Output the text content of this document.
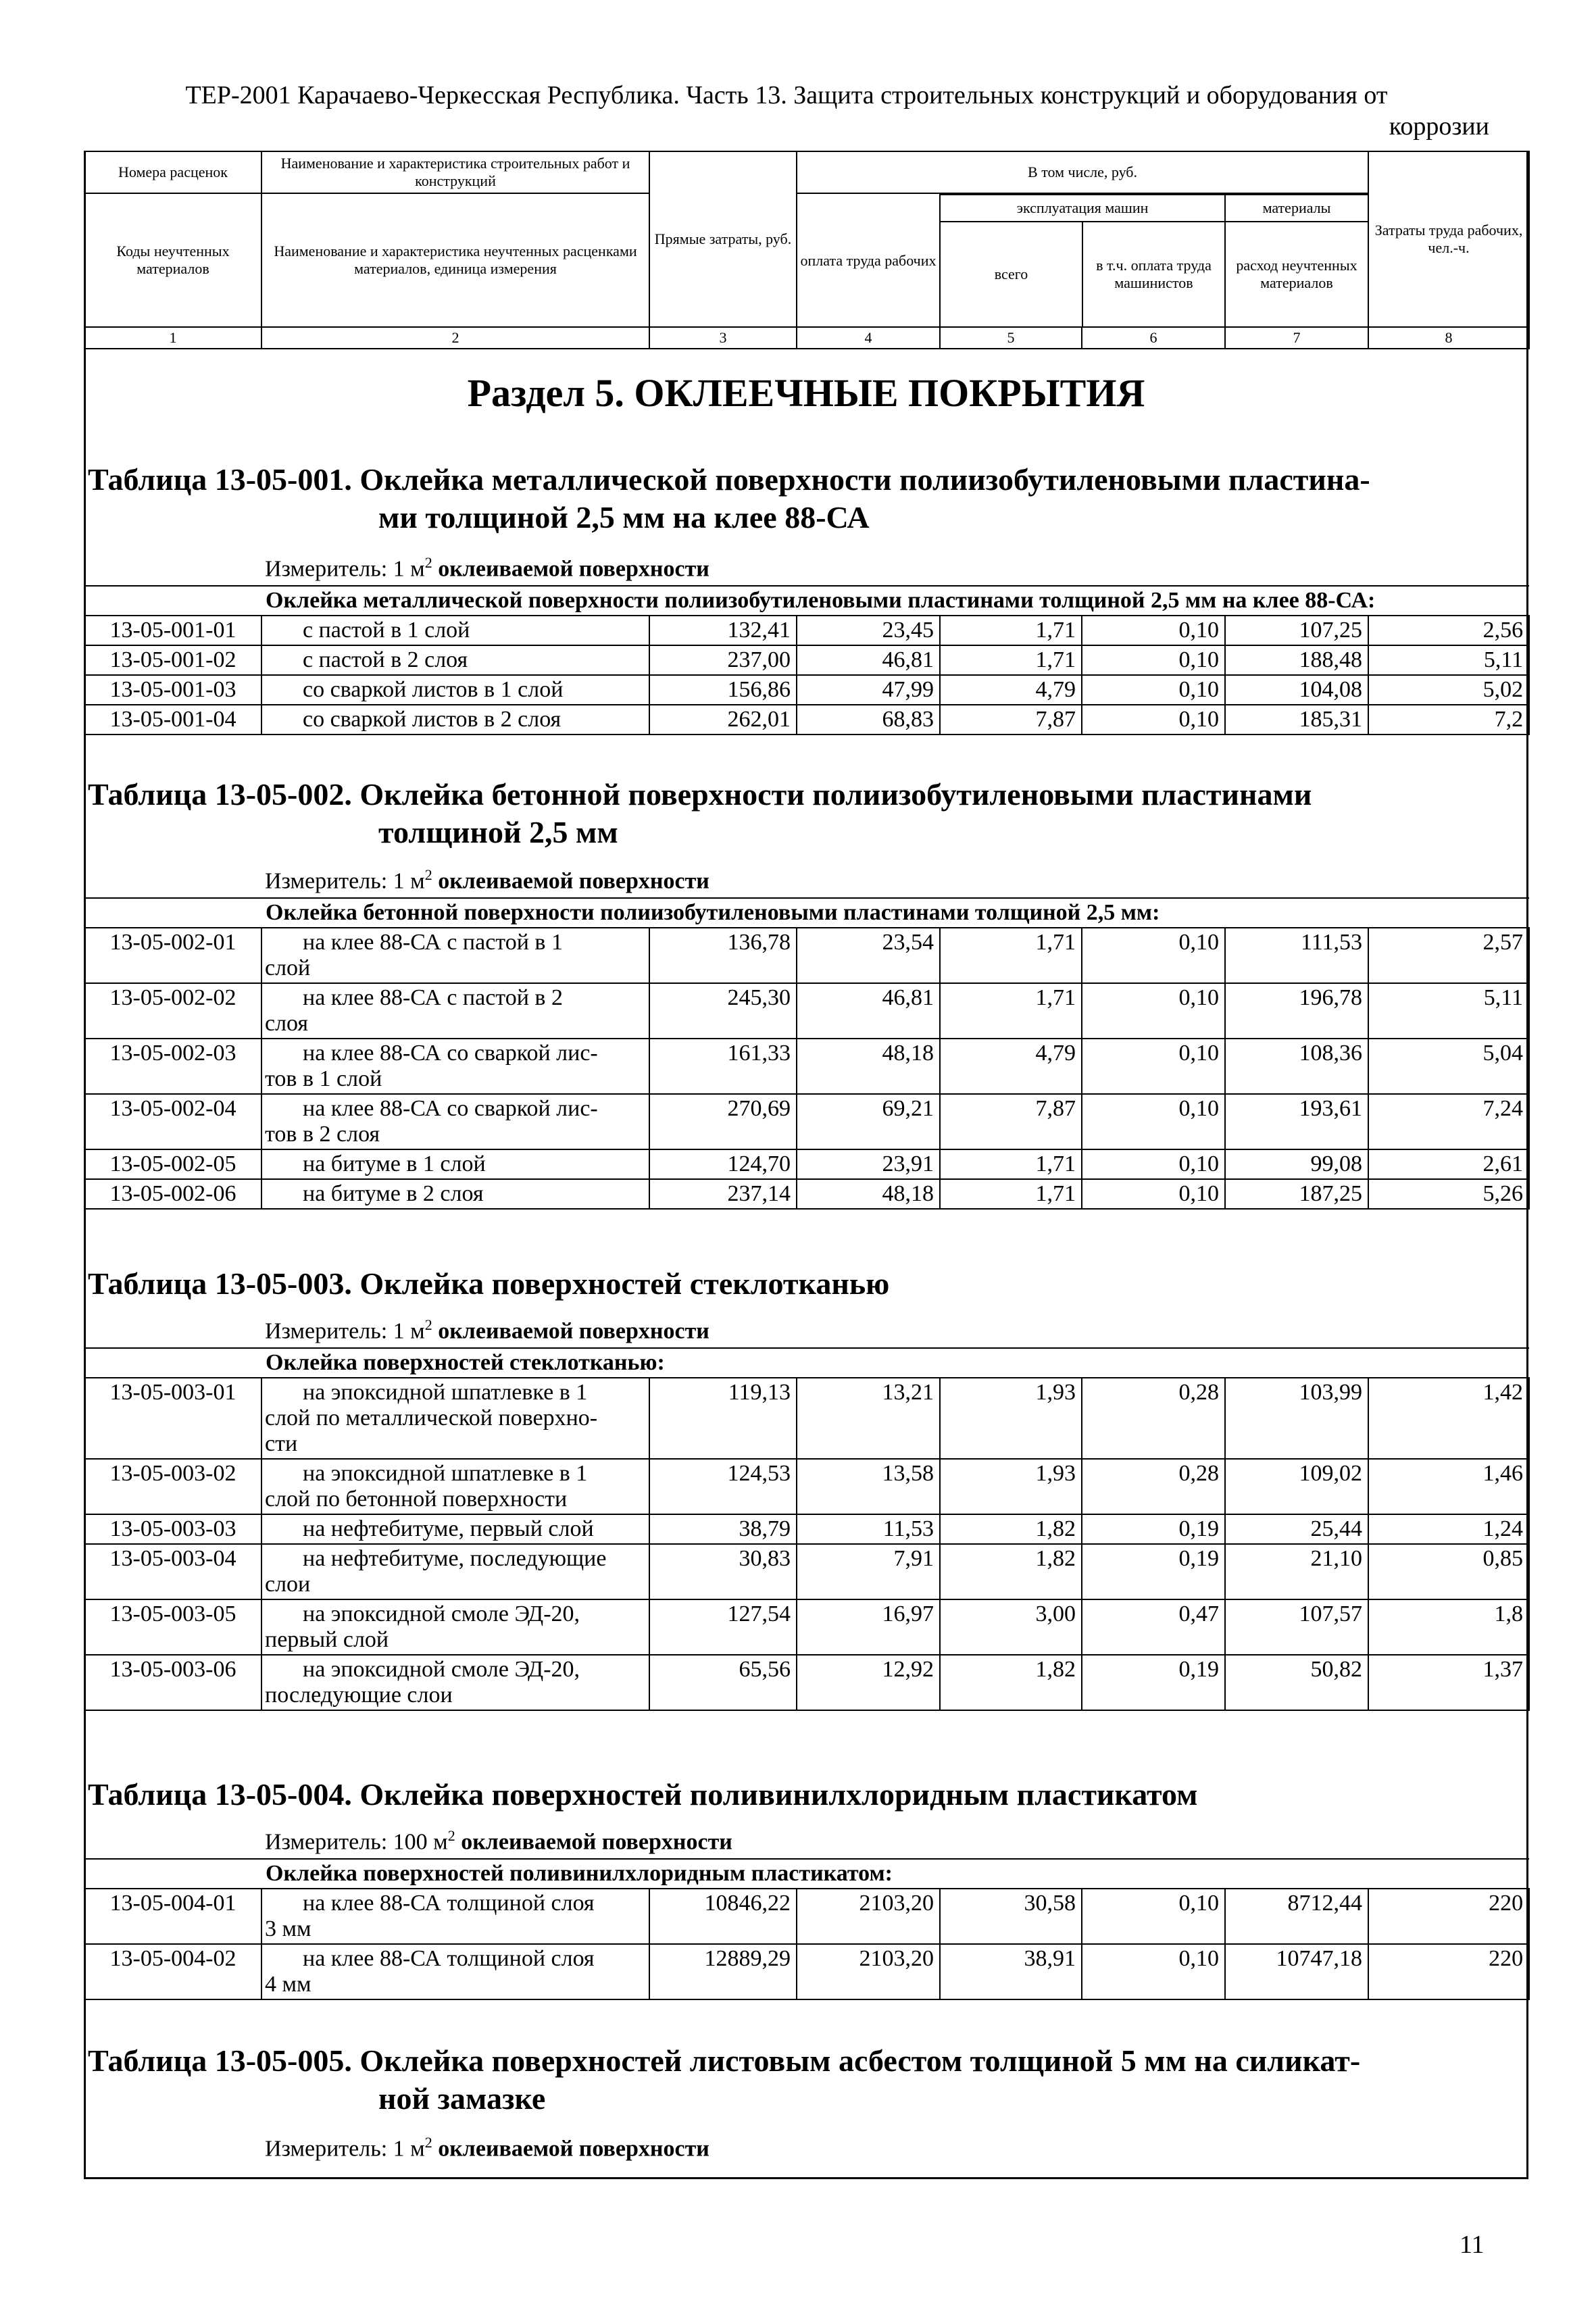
ТЕР-2001 Карачаево-Черкесская Республика. Часть 13. Защита строительных конструкций и оборудования от
коррозии
Номера расценок	Наименование и характеристика строительных работ и конструкций	Прямые затраты, руб.	В том числе, руб.	Затраты труда рабочих, чел.-ч.
Коды неучтенных материалов	Наименование и характеристика неучтенных расценками материалов, единица измерения		оплата труда рабочих	эксплуатация машин	материалы
всего	в т.ч. оплата труда машинистов	расход неучтенных материалов

1	2	3	4	5	6	7	8
Раздел 5. ОКЛЕЕЧНЫЕ ПОКРЫТИЯ
Таблица 13-05-001. Оклейка металлической поверхности полиизобутиленовыми пластина-
ми толщиной 2,5 мм на клее 88-СА
Измеритель: 1 $м^2$ оклеиваемой поверхности
Оклейка металлической поверхности полиизобутиленовыми пластинами толщиной 2,5 мм на клее 88-СА:							
13-05-001-01	с пастой в 1 слой	132,41	23,45	1,71	0,10	107,25	2,56
13-05-001-02	с пастой в 2 слоя	237,00	46,81	1,71	0,10	188,48	5,11
13-05-001-03	со сваркой листов в 1 слой	156,86	47,99	4,79	0,10	104,08	5,02
13-05-001-04	со сваркой листов в 2 слоя	262,01	68,83	7,87	0,10	185,31	7,2
Таблица 13-05-002. Оклейка бетонной поверхности полиизобутиленовыми пластинами
толщиной 2,5 мм
Измеритель: 1 $м^2$ оклеиваемой поверхности
Оклейка бетонной поверхности полиизобутиленовыми пластинами толщиной 2,5 мм:							
13-05-002-01	на клее 88-СА с пастой в 1
слой	136,78	23,54	1,71	0,10	111,53	2,57
13-05-002-02	на клее 88-СА с пастой в 2
слоя	245,30	46,81	1,71	0,10	196,78	5,11
13-05-002-03	на клее 88-СА со сваркой лис-
тов в 1 слой	161,33	48,18	4,79	0,10	108,36	5,04
13-05-002-04	на клее 88-СА со сваркой лис-
тов в 2 слоя	270,69	69,21	7,87	0,10	193,61	7,24
13-05-002-05	на битуме в 1 слой	124,70	23,91	1,71	0,10	99,08	2,61
13-05-002-06	на битуме в 2 слоя	237,14	48,18	1,71	0,10	187,25	5,26
Таблица 13-05-003. Оклейка поверхностей стеклотканью
Измеритель: 1 $м^2$ оклеиваемой поверхности
Оклейка поверхностей стеклотканью:							
13-05-003-01	на эпоксидной шпатлевке в 1
слой по металлической поверхно-
сти	119,13	13,21	1,93	0,28	103,99	1,42
13-05-003-02	на эпоксидной шпатлевке в 1
слой по бетонной поверхности	124,53	13,58	1,93	0,28	109,02	1,46
13-05-003-03	на нефтебитуме, первый слой	38,79	11,53	1,82	0,19	25,44	1,24
13-05-003-04	на нефтебитуме, последующие
слои	30,83	7,91	1,82	0,19	21,10	0,85
13-05-003-05	на эпоксидной смоле ЭД-20,
первый слой	127,54	16,97	3,00	0,47	107,57	1,8
13-05-003-06	на эпоксидной смоле ЭД-20,
последующие слои	65,56	12,92	1,82	0,19	50,82	1,37
Таблица 13-05-004. Оклейка поверхностей поливинилхлоридным пластикатом
Измеритель: 100 $м^2$ оклеиваемой поверхности
Оклейка поверхностей поливинилхлоридным пластикатом:							
13-05-004-01	на клее 88-СА толщиной слоя
3 мм	10846,22	2103,20	30,58	0,10	8712,44	220
13-05-004-02	на клее 88-СА толщиной слоя
4 мм	12889,29	2103,20	38,91	0,10	10747,18	220
Таблица 13-05-005. Оклейка поверхностей листовым асбестом толщиной 5 мм на силикат-
ной замазке
Измеритель: 1 $м^2$ оклеиваемой поверхности
11
